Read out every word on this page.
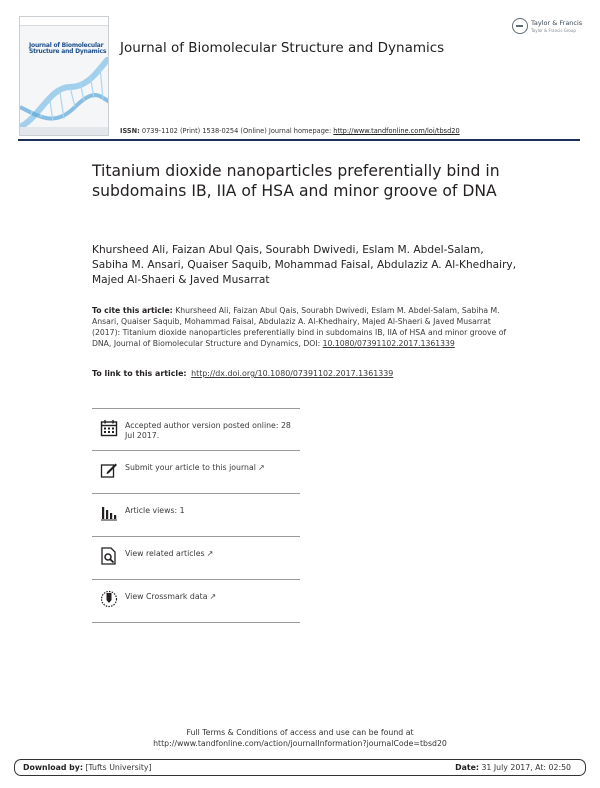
Journal of Biomolecular
Structure and Dynamics Journal of Biomolecular Structure and Dynamics
Taylor & Francis
Taylor & Francis Group
ISSN: 0739-1102 (Print) 1538-0254 (Online) Journal homepage: http://www.tandfonline.com/loi/tbsd20
Titanium dioxide nanoparticles preferentially bind in subdomains IB, IIA of HSA and minor groove of DNA
Khursheed Ali, Faizan Abul Qais, Sourabh Dwivedi, Eslam M. Abdel-Salam, Sabiha M. Ansari, Quaiser Saquib, Mohammad Faisal, Abdulaziz A. Al-Khedhairy, Majed Al-Shaeri & Javed Musarrat
To cite this article: Khursheed Ali, Faizan Abul Qais, Sourabh Dwivedi, Eslam M. Abdel-Salam, Sabiha M. Ansari, Quaiser Saquib, Mohammad Faisal, Abdulaziz A. Al-Khedhairy, Majed Al-Shaeri & Javed Musarrat (2017): Titanium dioxide nanoparticles preferentially bind in subdomains IB, IIA of HSA and minor groove of DNA, Journal of Biomolecular Structure and Dynamics, DOI: 10.1080/07391102.2017.1361339
To link to this article: http://dx.doi.org/10.1080/07391102.2017.1361339
Accepted author version posted online: 28 Jul 2017.
Submit your article to this journal ↗
Article views: 1
View related articles ↗
View Crossmark data ↗
Full Terms & Conditions of access and use can be found at
http://www.tandfonline.com/action/journalInformation?journalCode=tbsd20
Download by: [Tufts University]	Date: 31 July 2017, At: 02:50
